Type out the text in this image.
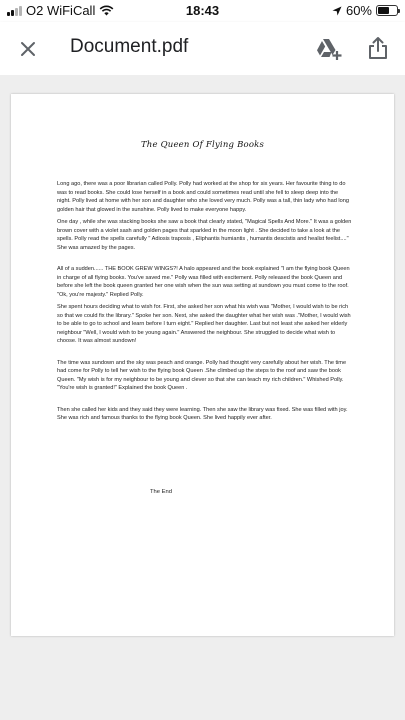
O2 WiFiCall	18:43	60%
Document.pdf
The Queen Of Flying Books

Long ago, there was a poor librarian called Polly. Polly had worked at the shop for six years. Her favourite thing to do was to read books. She could lose herself in a book and could sometimes read until she fell to sleep deep into the night. Polly lived at home with her son and daughter who she loved very much. Polly was a tall, thin lady who had long golden hair that glowed in the sunshine. Polly lived to make everyone happy.

One day , while she was stacking books she saw a book that clearly stated, "Magical Spells And More." It was a golden brown cover with a violet sash and golden pages that sparkled in the moon light . She decided to take a look at the spells. Polly read the spells carefully " Adiosis traposis , Eliphantis humiantis , humantis descistis and healist feelist...." She was amazed by the pages.

All of a sudden...... THE BOOK GREW WINGS?! A halo appeared and the book explained "I am the flying book Queen in charge of all flying books. You've saved me." Polly was filled with excitement. Polly released the book Queen and before she left the book queen granted her one wish when the sun was setting at sundown you must come to the roof. "Ok, you're majesty." Replied Polly.

She spent hours deciding what to wish for. First, she asked her son what his wish was "Mother, I would wish to be rich so that we could fix the library." Spoke her son. Next, she asked the daughter what her wish was ."Mother, I would wish to be able to go to school and learn before I turn eight." Replied her daughter. Last but not least she asked her elderly neighbour "Well, I would wish to be young again." Answered the neighbour. She struggled to decide what wish to choose. It was almost sundown!

The time was sundown and the sky was peach and orange. Polly had thought very carefully about her wish. The time had come for Polly to tell her wish to the flying book Queen .She climbed up the steps to the roof and saw the book Queen. "My wish is for my neighbour to be young and clever so that she can teach my rich children." Whished Polly. "You're wish is granted!" Explained the book Queen .

Then she called her kids and they said they were learning. Then she saw the library was fixed. She was filled with joy. She was rich and famous thanks to the flying book Queen. She lived happily ever after.

The End
